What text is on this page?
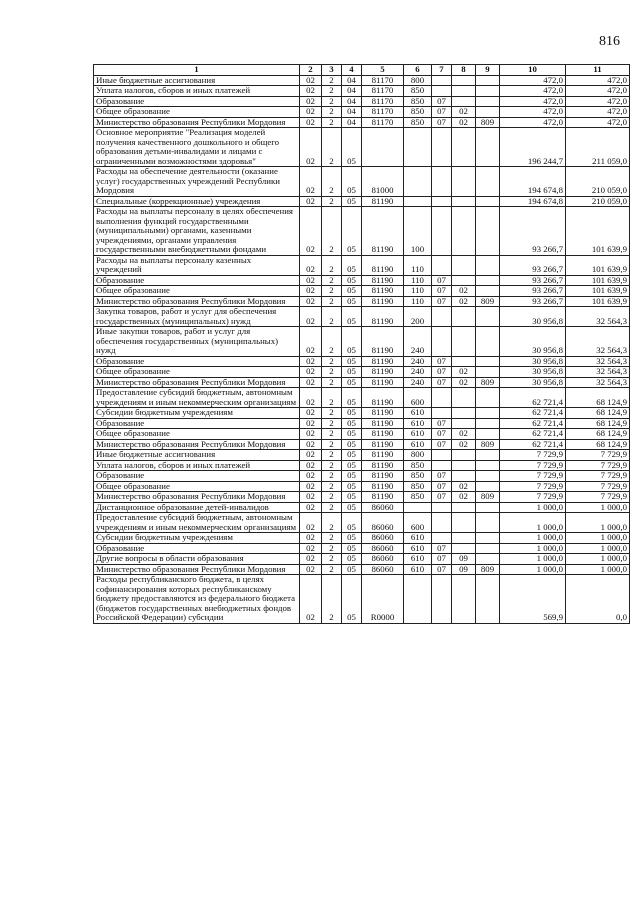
816
1	2	3	4	5	6	7	8	9	10	11
Иные бюджетные ассигнования	02	2	04	81170	800				472,0	472,0
Уплата налогов, сборов и иных платежей	02	2	04	81170	850				472,0	472,0
Образование	02	2	04	81170	850	07			472,0	472,0
Общее образование	02	2	04	81170	850	07	02		472,0	472,0
Министерство образования Республики Мордовия	02	2	04	81170	850	07	02	809	472,0	472,0
Основное мероприятие "Реализация моделей получения качественного дошкольного и общего образования детьми-инвалидами и лицами с ограниченными возможностями здоровья"	02	2	05						196 244,7	211 059,0
Расходы на обеспечение деятельности (оказание услуг) государственных учреждений Республики Мордовия	02	2	05	81000					194 674,8	210 059,0
Специальные (коррекционные) учреждения	02	2	05	81190					194 674,8	210 059,0
Расходы на выплаты персоналу в целях обеспечения выполнения функций государственными (муниципальными) органами, казенными учреждениями, органами управления государственными внебюджетными фондами	02	2	05	81190	100				93 266,7	101 639,9
Расходы на выплаты персоналу казенных учреждений	02	2	05	81190	110				93 266,7	101 639,9
Образование	02	2	05	81190	110	07			93 266,7	101 639,9
Общее образование	02	2	05	81190	110	07	02		93 266,7	101 639,9
Министерство образования Республики Мордовия	02	2	05	81190	110	07	02	809	93 266,7	101 639,9
Закупка товаров, работ и услуг для обеспечения государственных (муниципальных) нужд	02	2	05	81190	200				30 956,8	32 564,3
Иные закупки товаров, работ и услуг для обеспечения государственных (муниципальных) нужд	02	2	05	81190	240				30 956,8	32 564,3
Образование	02	2	05	81190	240	07			30 956,8	32 564,3
Общее образование	02	2	05	81190	240	07	02		30 956,8	32 564,3
Министерство образования Республики Мордовия	02	2	05	81190	240	07	02	809	30 956,8	32 564,3
Предоставление субсидий бюджетным, автономным учреждениям и иным некоммерческим организациям	02	2	05	81190	600				62 721,4	68 124,9
Субсидии бюджетным учреждениям	02	2	05	81190	610				62 721,4	68 124,9
Образование	02	2	05	81190	610	07			62 721,4	68 124,9
Общее образование	02	2	05	81190	610	07	02		62 721,4	68 124,9
Министерство образования Республики Мордовия	02	2	05	81190	610	07	02	809	62 721,4	68 124,9
Иные бюджетные ассигнования	02	2	05	81190	800				7 729,9	7 729,9
Уплата налогов, сборов и иных платежей	02	2	05	81190	850				7 729,9	7 729,9
Образование	02	2	05	81190	850	07			7 729,9	7 729,9
Общее образование	02	2	05	81190	850	07	02		7 729,9	7 729,9
Министерство образования Республики Мордовия	02	2	05	81190	850	07	02	809	7 729,9	7 729,9
Дистанционное образование детей-инвалидов	02	2	05	86060					1 000,0	1 000,0
Предоставление субсидий бюджетным, автономным учреждениям и иным некоммерческим организациям	02	2	05	86060	600				1 000,0	1 000,0
Субсидии бюджетным учреждениям	02	2	05	86060	610				1 000,0	1 000,0
Образование	02	2	05	86060	610	07			1 000,0	1 000,0
Другие вопросы в области образования	02	2	05	86060	610	07	09		1 000,0	1 000,0
Министерство образования Республики Мордовия	02	2	05	86060	610	07	09	809	1 000,0	1 000,0
Расходы республиканского бюджета, в целях софинансирования которых республиканскому бюджету предоставляются из федерального бюджета (бюджетов государственных внебюджетных фондов Российской Федерации) субсидии	02	2	05	R0000					569,9	0,0
